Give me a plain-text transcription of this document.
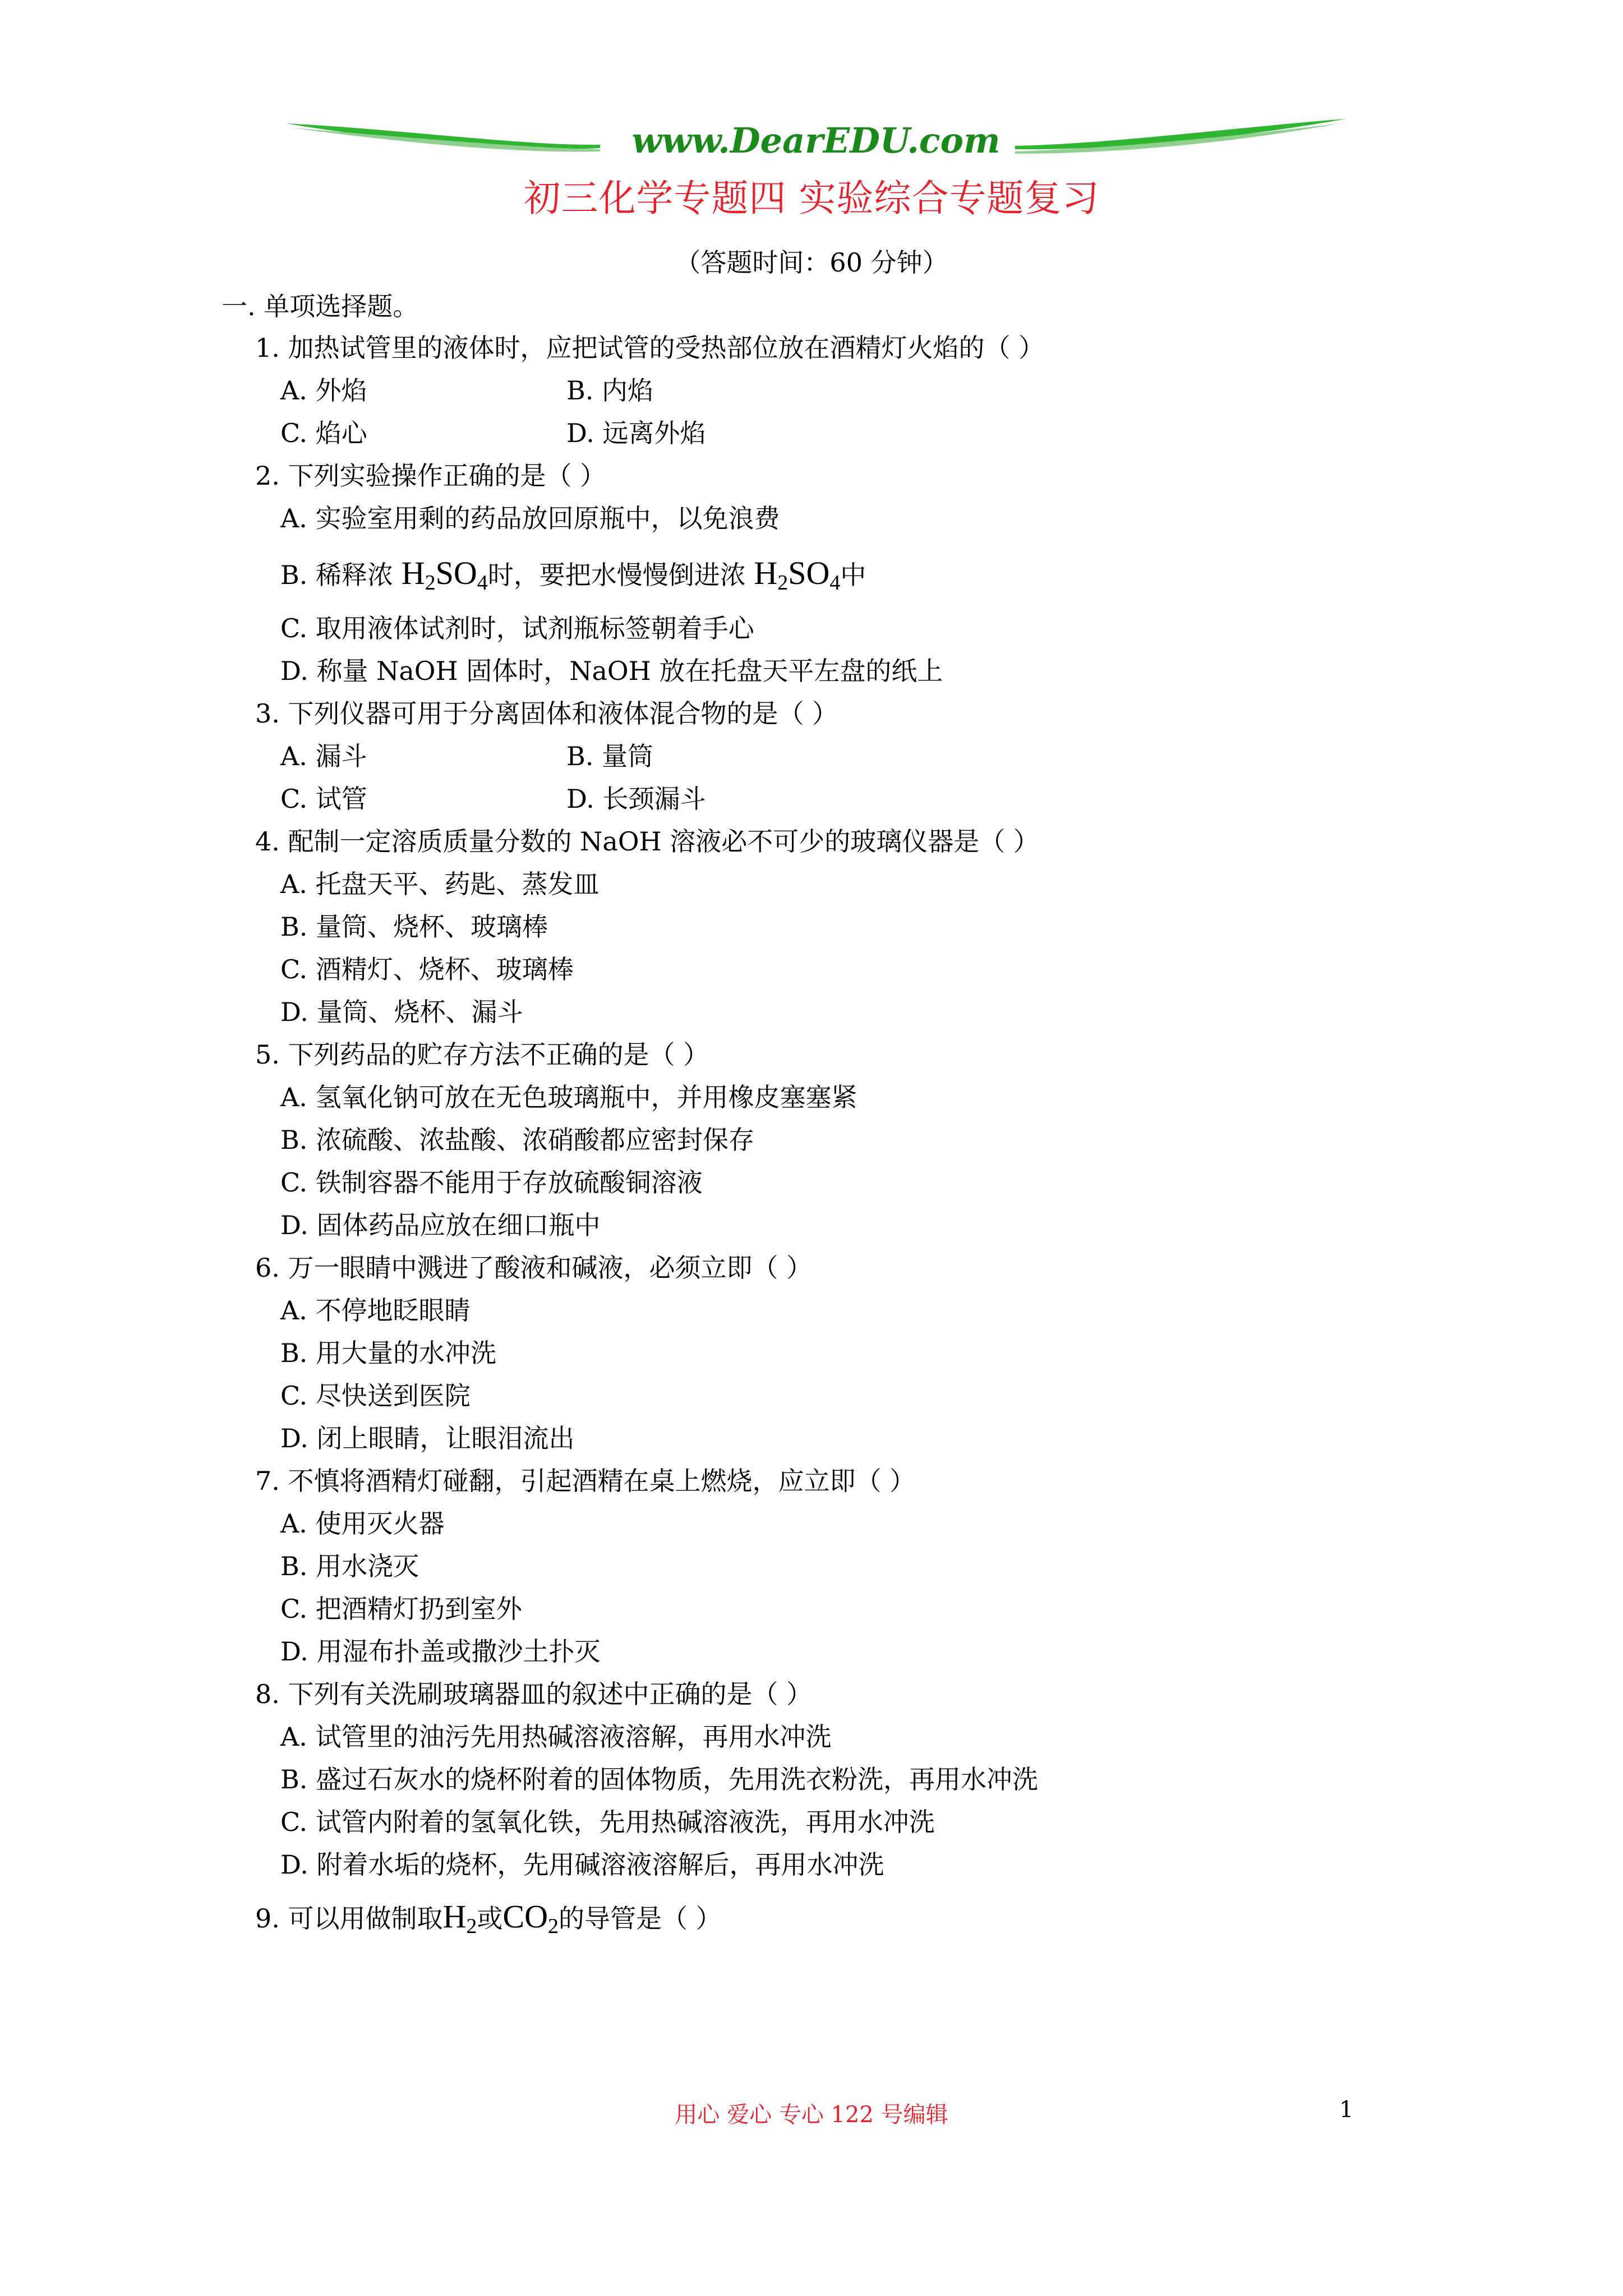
www.DearEDU.com
初三化学专题四 实验综合专题复习
（答题时间：60 分钟）
一. 单项选择题。
1. 加热试管里的液体时，应把试管的受热部位放在酒精灯火焰的（ ）
A. 外焰	B. 内焰
C. 焰心	D. 远离外焰
2. 下列实验操作正确的是（ ）
A. 实验室用剩的药品放回原瓶中，以免浪费
B. 稀释浓 $H_2SO_4$时，要把水慢慢倒进浓 $H_2SO_4$中
C. 取用液体试剂时，试剂瓶标签朝着手心
D. 称量 NaOH 固体时，NaOH 放在托盘天平左盘的纸上
3. 下列仪器可用于分离固体和液体混合物的是（ ）
A. 漏斗	B. 量筒
C. 试管	D. 长颈漏斗
4. 配制一定溶质质量分数的 NaOH 溶液必不可少的玻璃仪器是（ ）
A. 托盘天平、药匙、蒸发皿
B. 量筒、烧杯、玻璃棒
C. 酒精灯、烧杯、玻璃棒
D. 量筒、烧杯、漏斗
5. 下列药品的贮存方法不正确的是（ ）
A. 氢氧化钠可放在无色玻璃瓶中，并用橡皮塞塞紧
B. 浓硫酸、浓盐酸、浓硝酸都应密封保存
C. 铁制容器不能用于存放硫酸铜溶液
D. 固体药品应放在细口瓶中
6. 万一眼睛中溅进了酸液和碱液，必须立即（ ）
A. 不停地眨眼睛
B. 用大量的水冲洗
C. 尽快送到医院
D. 闭上眼睛，让眼泪流出
7. 不慎将酒精灯碰翻，引起酒精在桌上燃烧，应立即（ ）
A. 使用灭火器
B. 用水浇灭
C. 把酒精灯扔到室外
D. 用湿布扑盖或撒沙土扑灭
8. 下列有关洗刷玻璃器皿的叙述中正确的是（ ）
A. 试管里的油污先用热碱溶液溶解，再用水冲洗
B. 盛过石灰水的烧杯附着的固体物质，先用洗衣粉洗，再用水冲洗
C. 试管内附着的氢氧化铁，先用热碱溶液洗，再用水冲洗
D. 附着水垢的烧杯，先用碱溶液溶解后，再用水冲洗
9. 可以用做制取$H_2$或$CO_2$的导管是（ ）
用心 爱心 专心 122 号编辑	1
